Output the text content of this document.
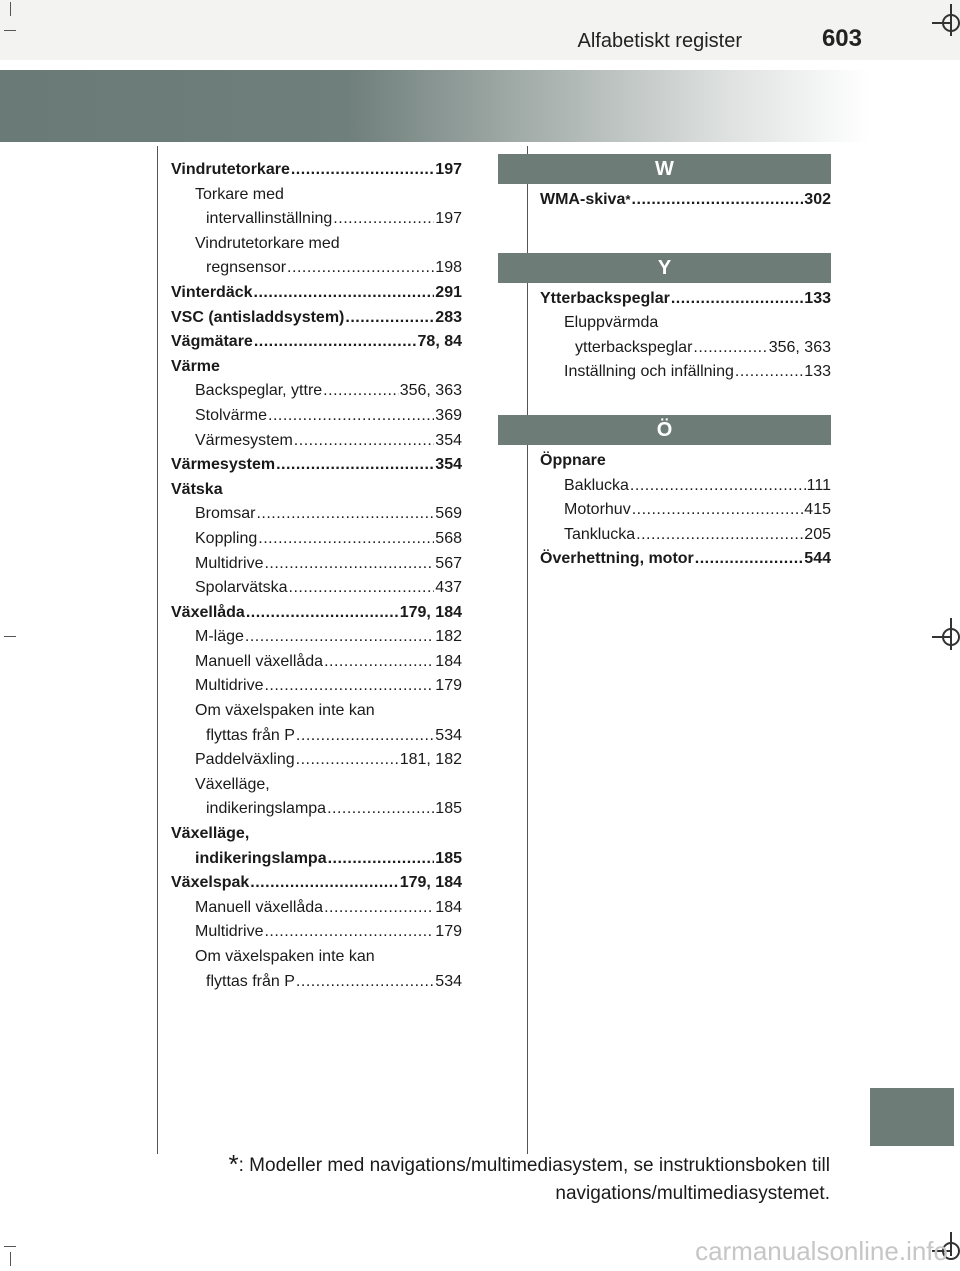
Alfabetiskt register	603
Vindrutetorkare .....	197
Torkare med
intervallinställning .....	197
Vindrutetorkare med
regnsensor .....	198
Vinterdäck .....	291
VSC (antisladdsystem) .....	283
Vägmätare .....	78, 84
Värme
Backspeglar, yttre .....	356, 363
Stolvärme .....	369
Värmesystem .....	354
Värmesystem .....	354
Vätska
Bromsar .....	569
Koppling .....	568
Multidrive .....	567
Spolarvätska .....	437
Växellåda .....	179, 184
M-läge .....	182
Manuell växellåda .....	184
Multidrive .....	179
Om växelspaken inte kan
flyttas från P .....	534
Paddelväxling .....	181, 182
Växelläge,
indikeringslampa .....	185
Växelläge,
indikeringslampa .....	185
Växelspak .....	179, 184
Manuell växellåda .....	184
Multidrive .....	179
Om växelspaken inte kan
flyttas från P .....	534
W
WMA-skiva * .....	302
Y
Ytterbackspeglar .....	133
Eluppvärmda
ytterbackspeglar .....	356, 363
Inställning och infällning .....	133
Ö
Öppnare
Baklucka .....	111
Motorhuv .....	415
Tanklucka .....	205
Överhettning, motor .....	544
*: Modeller med navigations/multimediasystem, se instruktionsboken till
navigations/multimediasystemet.
carmanualsonline.info
